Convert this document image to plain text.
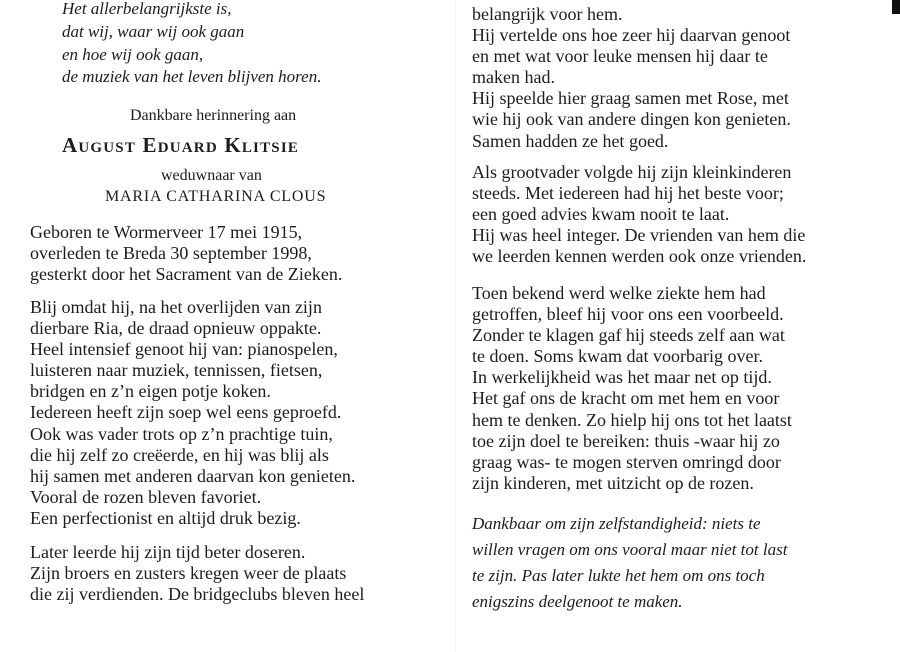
Het allerbelangrijkste is,
dat wij, waar wij ook gaan
en hoe wij ook gaan,
de muziek van het leven blijven horen.
Dankbare herinnering aan
August Eduard Klitsie
weduwnaar van
MARIA CATHARINA CLOUS
Geboren te Wormerveer 17 mei 1915,
overleden te Breda 30 september 1998,
gesterkt door het Sacrament van de Zieken.
Blij omdat hij, na het overlijden van zijn
dierbare Ria, de draad opnieuw oppakte.
Heel intensief genoot hij van: pianospelen,
luisteren naar muziek, tennissen, fietsen,
bridgen en z’n eigen potje koken.
Iedereen heeft zijn soep wel eens geproefd.
Ook was vader trots op z’n prachtige tuin,
die hij zelf zo creëerde, en hij was blij als
hij samen met anderen daarvan kon genieten.
Vooral de rozen bleven favoriet.
Een perfectionist en altijd druk bezig.
Later leerde hij zijn tijd beter doseren.
Zijn broers en zusters kregen weer de plaats
die zij verdienden. De bridgeclubs bleven heel
belangrijk voor hem.
Hij vertelde ons hoe zeer hij daarvan genoot
en met wat voor leuke mensen hij daar te
maken had.
Hij speelde hier graag samen met Rose, met
wie hij ook van andere dingen kon genieten.
Samen hadden ze het goed.
Als grootvader volgde hij zijn kleinkinderen
steeds. Met iedereen had hij het beste voor;
een goed advies kwam nooit te laat.
Hij was heel integer. De vrienden van hem die
we leerden kennen werden ook onze vrienden.
Toen bekend werd welke ziekte hem had
getroffen, bleef hij voor ons een voorbeeld.
Zonder te klagen gaf hij steeds zelf aan wat
te doen. Soms kwam dat voorbarig over.
In werkelijkheid was het maar net op tijd.
Het gaf ons de kracht om met hem en voor
hem te denken. Zo hielp hij ons tot het laatst
toe zijn doel te bereiken: thuis -waar hij zo
graag was- te mogen sterven omringd door
zijn kinderen, met uitzicht op de rozen.
Dankbaar om zijn zelfstandigheid: niets te
willen vragen om ons vooral maar niet tot last
te zijn. Pas later lukte het hem om ons toch
enigszins deelgenoot te maken.
